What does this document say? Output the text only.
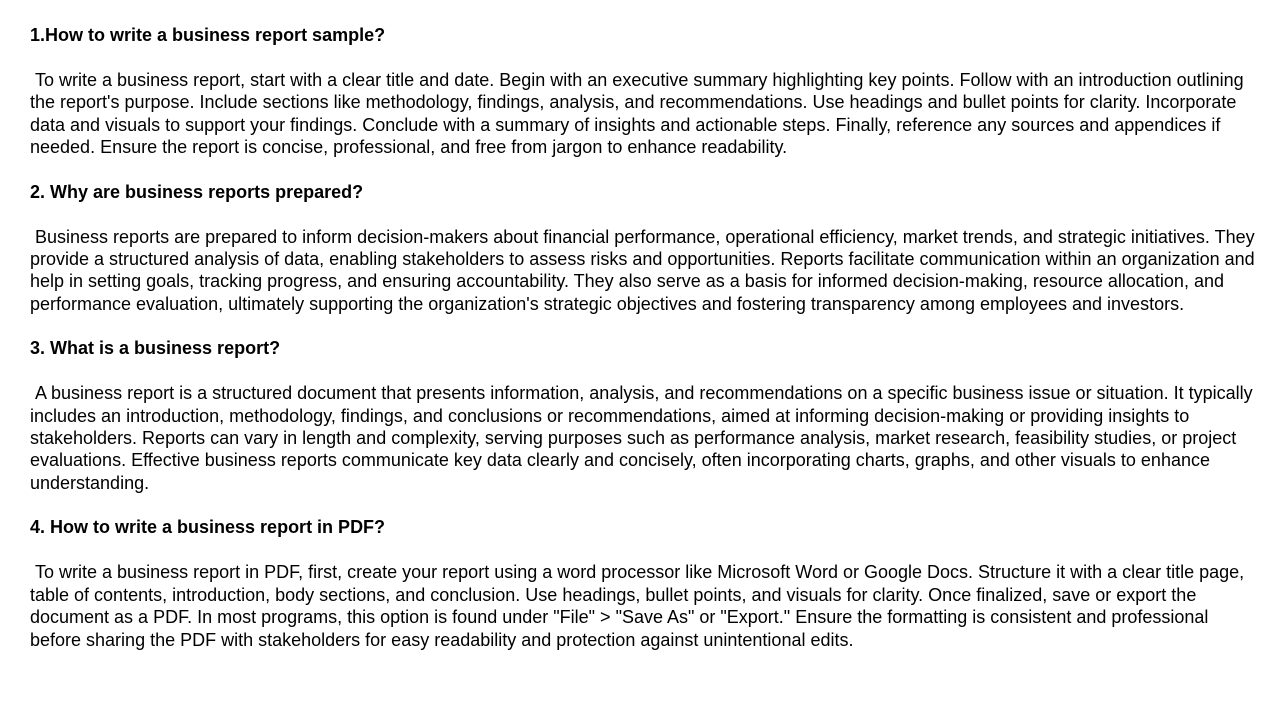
1.How to write a business report sample?

To write a business report, start with a clear title and date. Begin with an executive summary highlighting key points. Follow with an introduction outlining the report's purpose. Include sections like methodology, findings, analysis, and recommendations. Use headings and bullet points for clarity. Incorporate data and visuals to support your findings. Conclude with a summary of insights and actionable steps. Finally, reference any sources and appendices if needed. Ensure the report is concise, professional, and free from jargon to enhance readability.

2. Why are business reports prepared?

Business reports are prepared to inform decision-makers about financial performance, operational efficiency, market trends, and strategic initiatives. They provide a structured analysis of data, enabling stakeholders to assess risks and opportunities. Reports facilitate communication within an organization and help in setting goals, tracking progress, and ensuring accountability. They also serve as a basis for informed decision-making, resource allocation, and performance evaluation, ultimately supporting the organization's strategic objectives and fostering transparency among employees and investors.

3. What is a business report?

A business report is a structured document that presents information, analysis, and recommendations on a specific business issue or situation. It typically includes an introduction, methodology, findings, and conclusions or recommendations, aimed at informing decision-making or providing insights to stakeholders. Reports can vary in length and complexity, serving purposes such as performance analysis, market research, feasibility studies, or project evaluations. Effective business reports communicate key data clearly and concisely, often incorporating charts, graphs, and other visuals to enhance understanding.

4. How to write a business report in PDF?

To write a business report in PDF, first, create your report using a word processor like Microsoft Word or Google Docs. Structure it with a clear title page, table of contents, introduction, body sections, and conclusion. Use headings, bullet points, and visuals for clarity. Once finalized, save or export the document as a PDF. In most programs, this option is found under "File" > "Save As" or "Export." Ensure the formatting is consistent and professional before sharing the PDF with stakeholders for easy readability and protection against unintentional edits.
